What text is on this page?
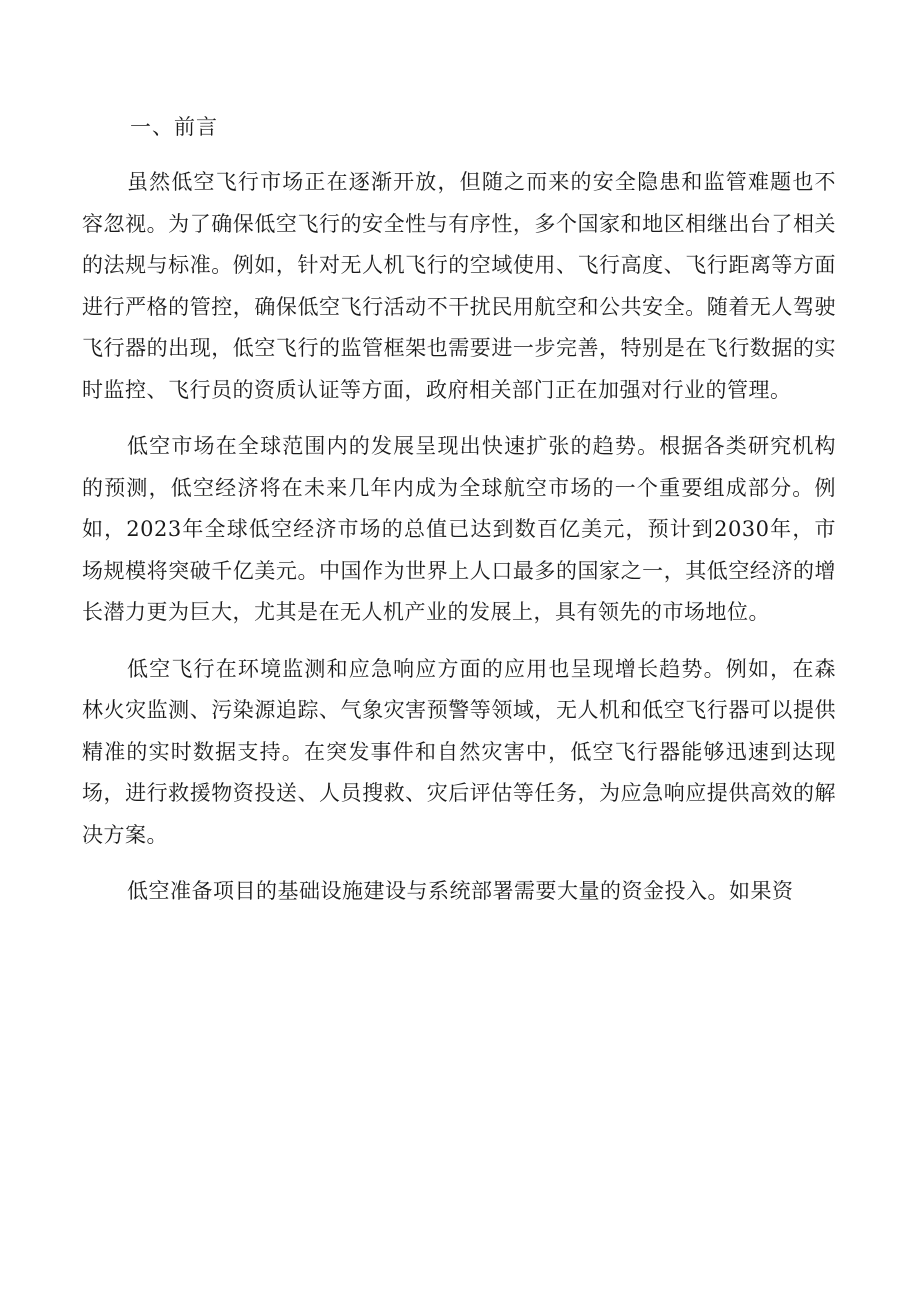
一、前言

虽然低空飞行市场正在逐渐开放，但随之而来的安全隐患和监管难题也不容忽视。为了确保低空飞行的安全性与有序性，多个国家和地区相继出台了相关的法规与标准。例如，针对无人机飞行的空域使用、飞行高度、飞行距离等方面进行严格的管控，确保低空飞行活动不干扰民用航空和公共安全。随着无人驾驶飞行器的出现，低空飞行的监管框架也需要进一步完善，特别是在飞行数据的实时监控、飞行员的资质认证等方面，政府相关部门正在加强对行业的管理。

低空市场在全球范围内的发展呈现出快速扩张的趋势。根据各类研究机构的预测，低空经济将在未来几年内成为全球航空市场的一个重要组成部分。例如，2023年全球低空经济市场的总值已达到数百亿美元，预计到2030年，市场规模将突破千亿美元。中国作为世界上人口最多的国家之一，其低空经济的增长潜力更为巨大，尤其是在无人机产业的发展上，具有领先的市场地位。

低空飞行在环境监测和应急响应方面的应用也呈现增长趋势。例如，在森林火灾监测、污染源追踪、气象灾害预警等领域，无人机和低空飞行器可以提供精准的实时数据支持。在突发事件和自然灾害中，低空飞行器能够迅速到达现场，进行救援物资投送、人员搜救、灾后评估等任务，为应急响应提供高效的解决方案。

低空准备项目的基础设施建设与系统部署需要大量的资金投入。如果资
